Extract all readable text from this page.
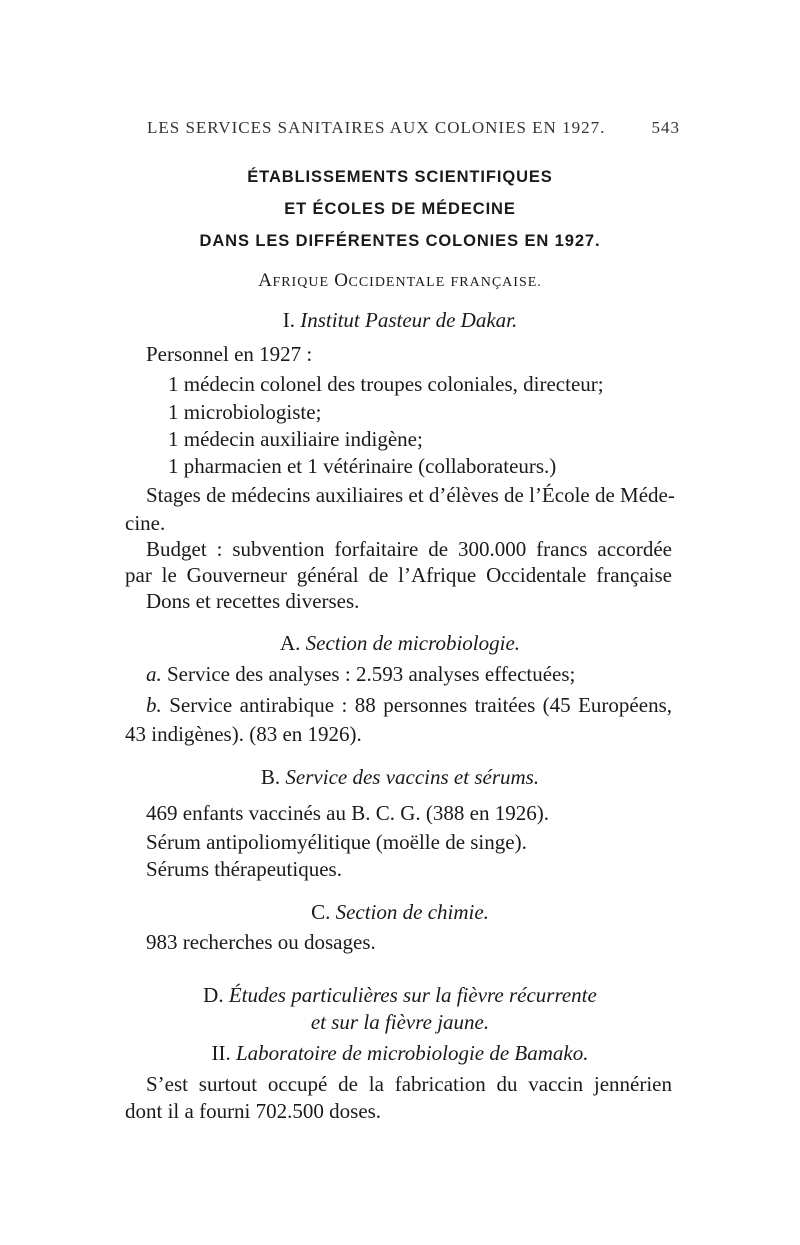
LES SERVICES SANITAIRES AUX COLONIES EN 1927.	543
ÉTABLISSEMENTS SCIENTIFIQUES
ET ÉCOLES DE MÉDECINE
DANS LES DIFFÉRENTES COLONIES EN 1927.
AFRIQUE OCCIDENTALE FRANÇAISE.
I. Institut Pasteur de Dakar.
Personnel en 1927 :
1 médecin colonel des troupes coloniales, directeur;
1 microbiologiste;
1 médecin auxiliaire indigène;
1 pharmacien et 1 vétérinaire (collaborateurs.)
Stages de médecins auxiliaires et d’élèves de l’École de Méde-
cine.
Budget : subvention forfaitaire de 300.000 francs accordée
par le Gouverneur général de l’Afrique Occidentale française
Dons et recettes diverses.
A. Section de microbiologie.
a. Service des analyses : 2.593 analyses effectuées;
b. Service antirabique : 88 personnes traitées (45 Européens,
43 indigènes). (83 en 1926).
B. Service des vaccins et sérums.
469 enfants vaccinés au B. C. G. (388 en 1926).
Sérum antipoliomyélitique (moëlle de singe).
Sérums thérapeutiques.
C. Section de chimie.
983 recherches ou dosages.
D. Études particulières sur la fièvre récurrente
et sur la fièvre jaune.
II. Laboratoire de microbiologie de Bamako.
S’est surtout occupé de la fabrication du vaccin jennérien
dont il a fourni 702.500 doses.
